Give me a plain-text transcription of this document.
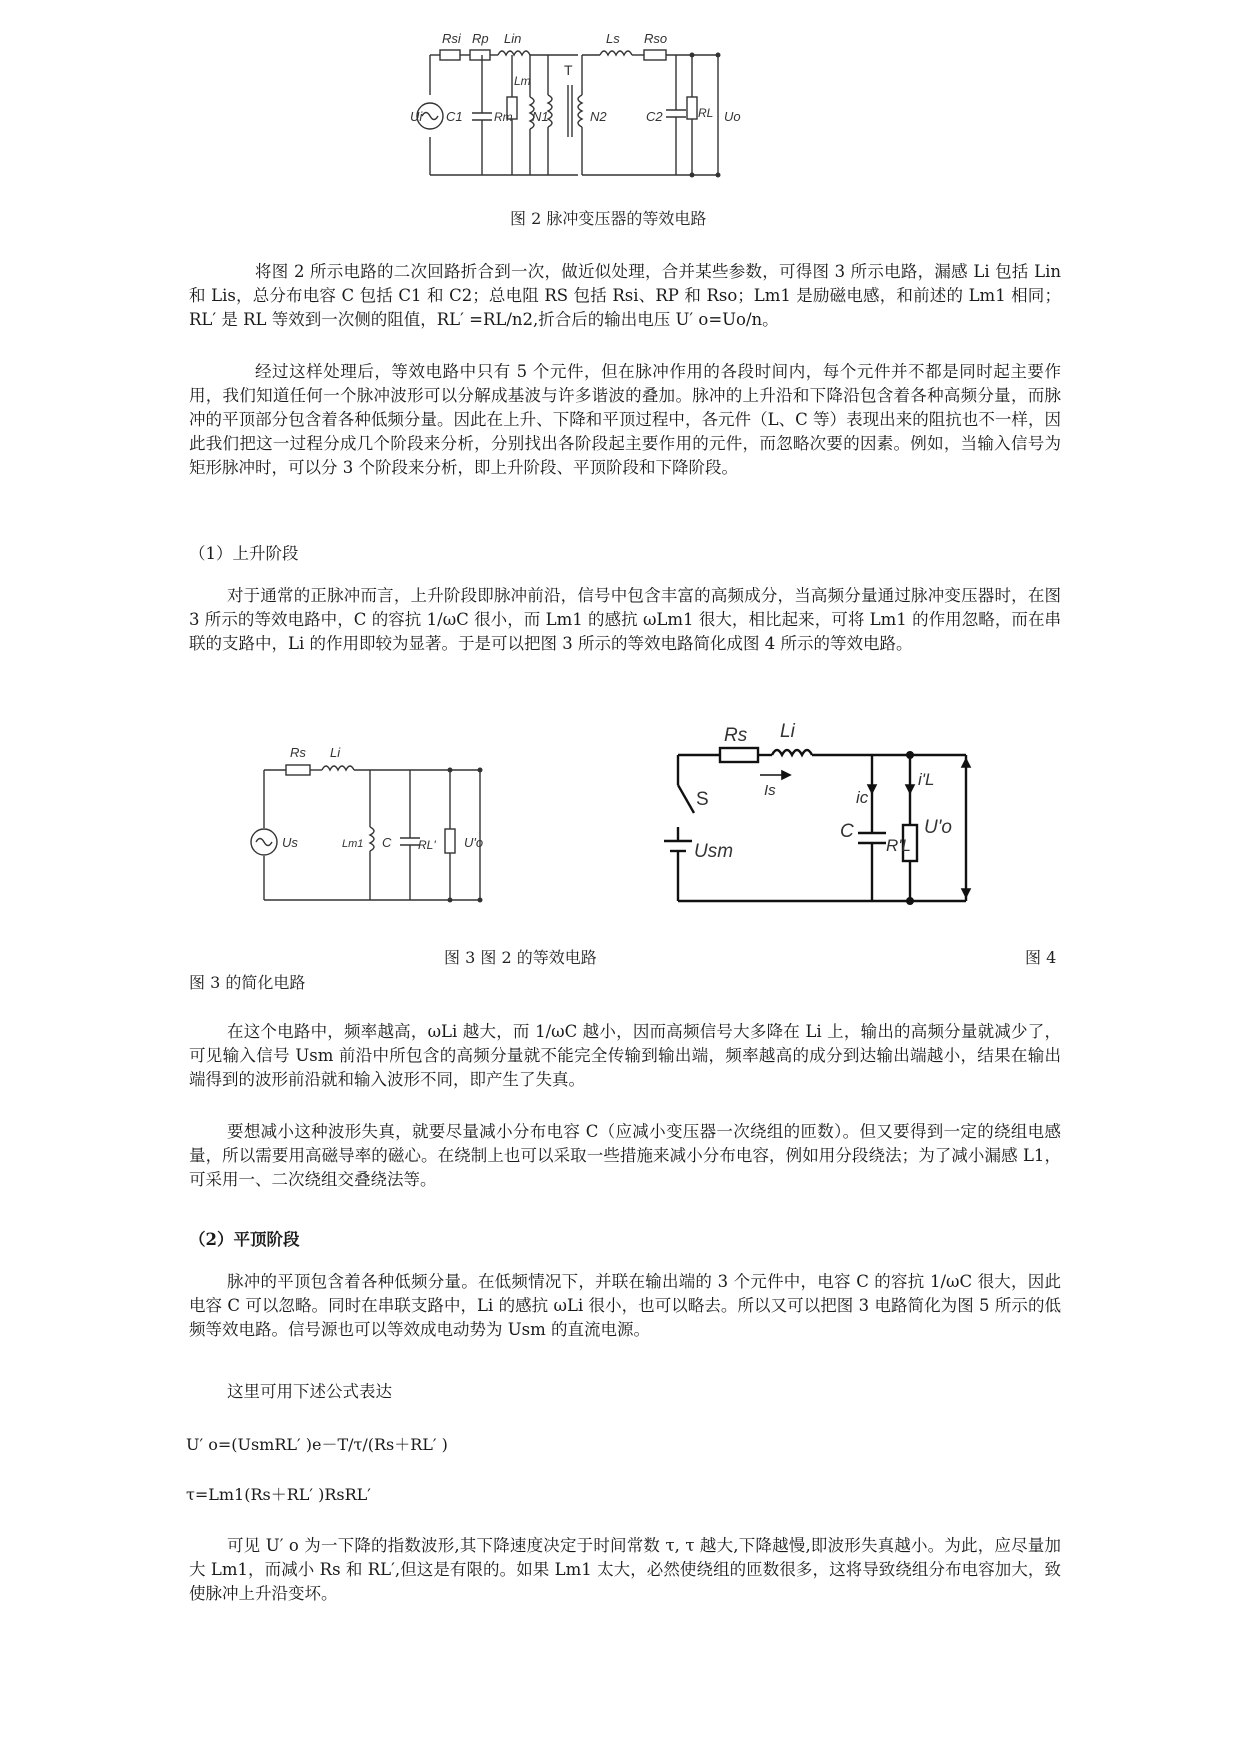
Rsi Rp Lin
Ui C1	Rm
Lm
N1
T
N2
Ls Rso
C2	RL Uo
图 2 脉冲变压器的等效电路

将图 2 所示电路的二次回路折合到一次，做近似处理，合并某些参数，可得图 3 所示电路，漏感 Li 包括 Lin 和 Lis，总分布电容 C 包括 C1 和 C2；总电阻 RS 包括 Rsi、RP 和 Rso；Lm1 是励磁电感，和前述的 Lm1 相同；RL′ 是 RL 等效到一次侧的阻值，RL′ =RL/n2,折合后的输出电压 U′ o=Uo/n。

经过这样处理后，等效电路中只有 5 个元件，但在脉冲作用的各段时间内，每个元件并不都是同时起主要作用，我们知道任何一个脉冲波形可以分解成基波与许多谐波的叠加。脉冲的上升沿和下降沿包含着各种高频分量，而脉冲的平顶部分包含着各种低频分量。因此在上升、下降和平顶过程中，各元件（L、C 等）表现出来的阻抗也不一样，因此我们把这一过程分成几个阶段来分析，分别找出各阶段起主要作用的元件，而忽略次要的因素。例如，当输入信号为矩形脉冲时，可以分 3 个阶段来分析，即上升阶段、平顶阶段和下降阶段。

（1）上升阶段

对于通常的正脉冲而言，上升阶段即脉冲前沿，信号中包含丰富的高频成分，当高频分量通过脉冲变压器时，在图 3 所示的等效电路中，C 的容抗 1/ωC 很小，而 Lm1 的感抗 ωLm1 很大，相比起来，可将 Lm1 的作用忽略，而在串联的支路中，Li 的作用即较为显著。于是可以把图 3 所示的等效电路简化成图 4 所示的等效电路。

Rs Li
Us	Lm1 C RL' U'o
Rs Li
Is
S
Usm
ic
i'L
C
R'L
U'o
图 3 图 2 的等效电路	图 4
图 3 的简化电路

在这个电路中，频率越高，ωLi 越大，而 1/ωC 越小，因而高频信号大多降在 Li 上，输出的高频分量就减少了，可见输入信号 Usm 前沿中所包含的高频分量就不能完全传输到输出端，频率越高的成分到达输出端越小，结果在输出端得到的波形前沿就和输入波形不同，即产生了失真。

要想减小这种波形失真，就要尽量减小分布电容 C（应减小变压器一次绕组的匝数）。但又要得到一定的绕组电感量，所以需要用高磁导率的磁心。在绕制上也可以采取一些措施来减小分布电容，例如用分段绕法；为了减小漏感 L1，可采用一、二次绕组交叠绕法等。

（2）平顶阶段

脉冲的平顶包含着各种低频分量。在低频情况下，并联在输出端的 3 个元件中，电容 C 的容抗 1/ωC 很大，因此电容 C 可以忽略。同时在串联支路中，Li 的感抗 ωLi 很小，也可以略去。所以又可以把图 3 电路简化为图 5 所示的低频等效电路。信号源也可以等效成电动势为 Usm 的直流电源。

这里可用下述公式表达

U′ o=(UsmRL′ )e－T/τ/(Rs＋RL′ )

τ=Lm1(Rs＋RL′ )RsRL′

可见 U′ o 为一下降的指数波形,其下降速度决定于时间常数 τ, τ 越大,下降越慢,即波形失真越小。为此，应尽量加大 Lm1，而减小 Rs 和 RL′,但这是有限的。如果 Lm1 太大，必然使绕组的匝数很多，这将导致绕组分布电容加大，致使脉冲上升沿变坏。
